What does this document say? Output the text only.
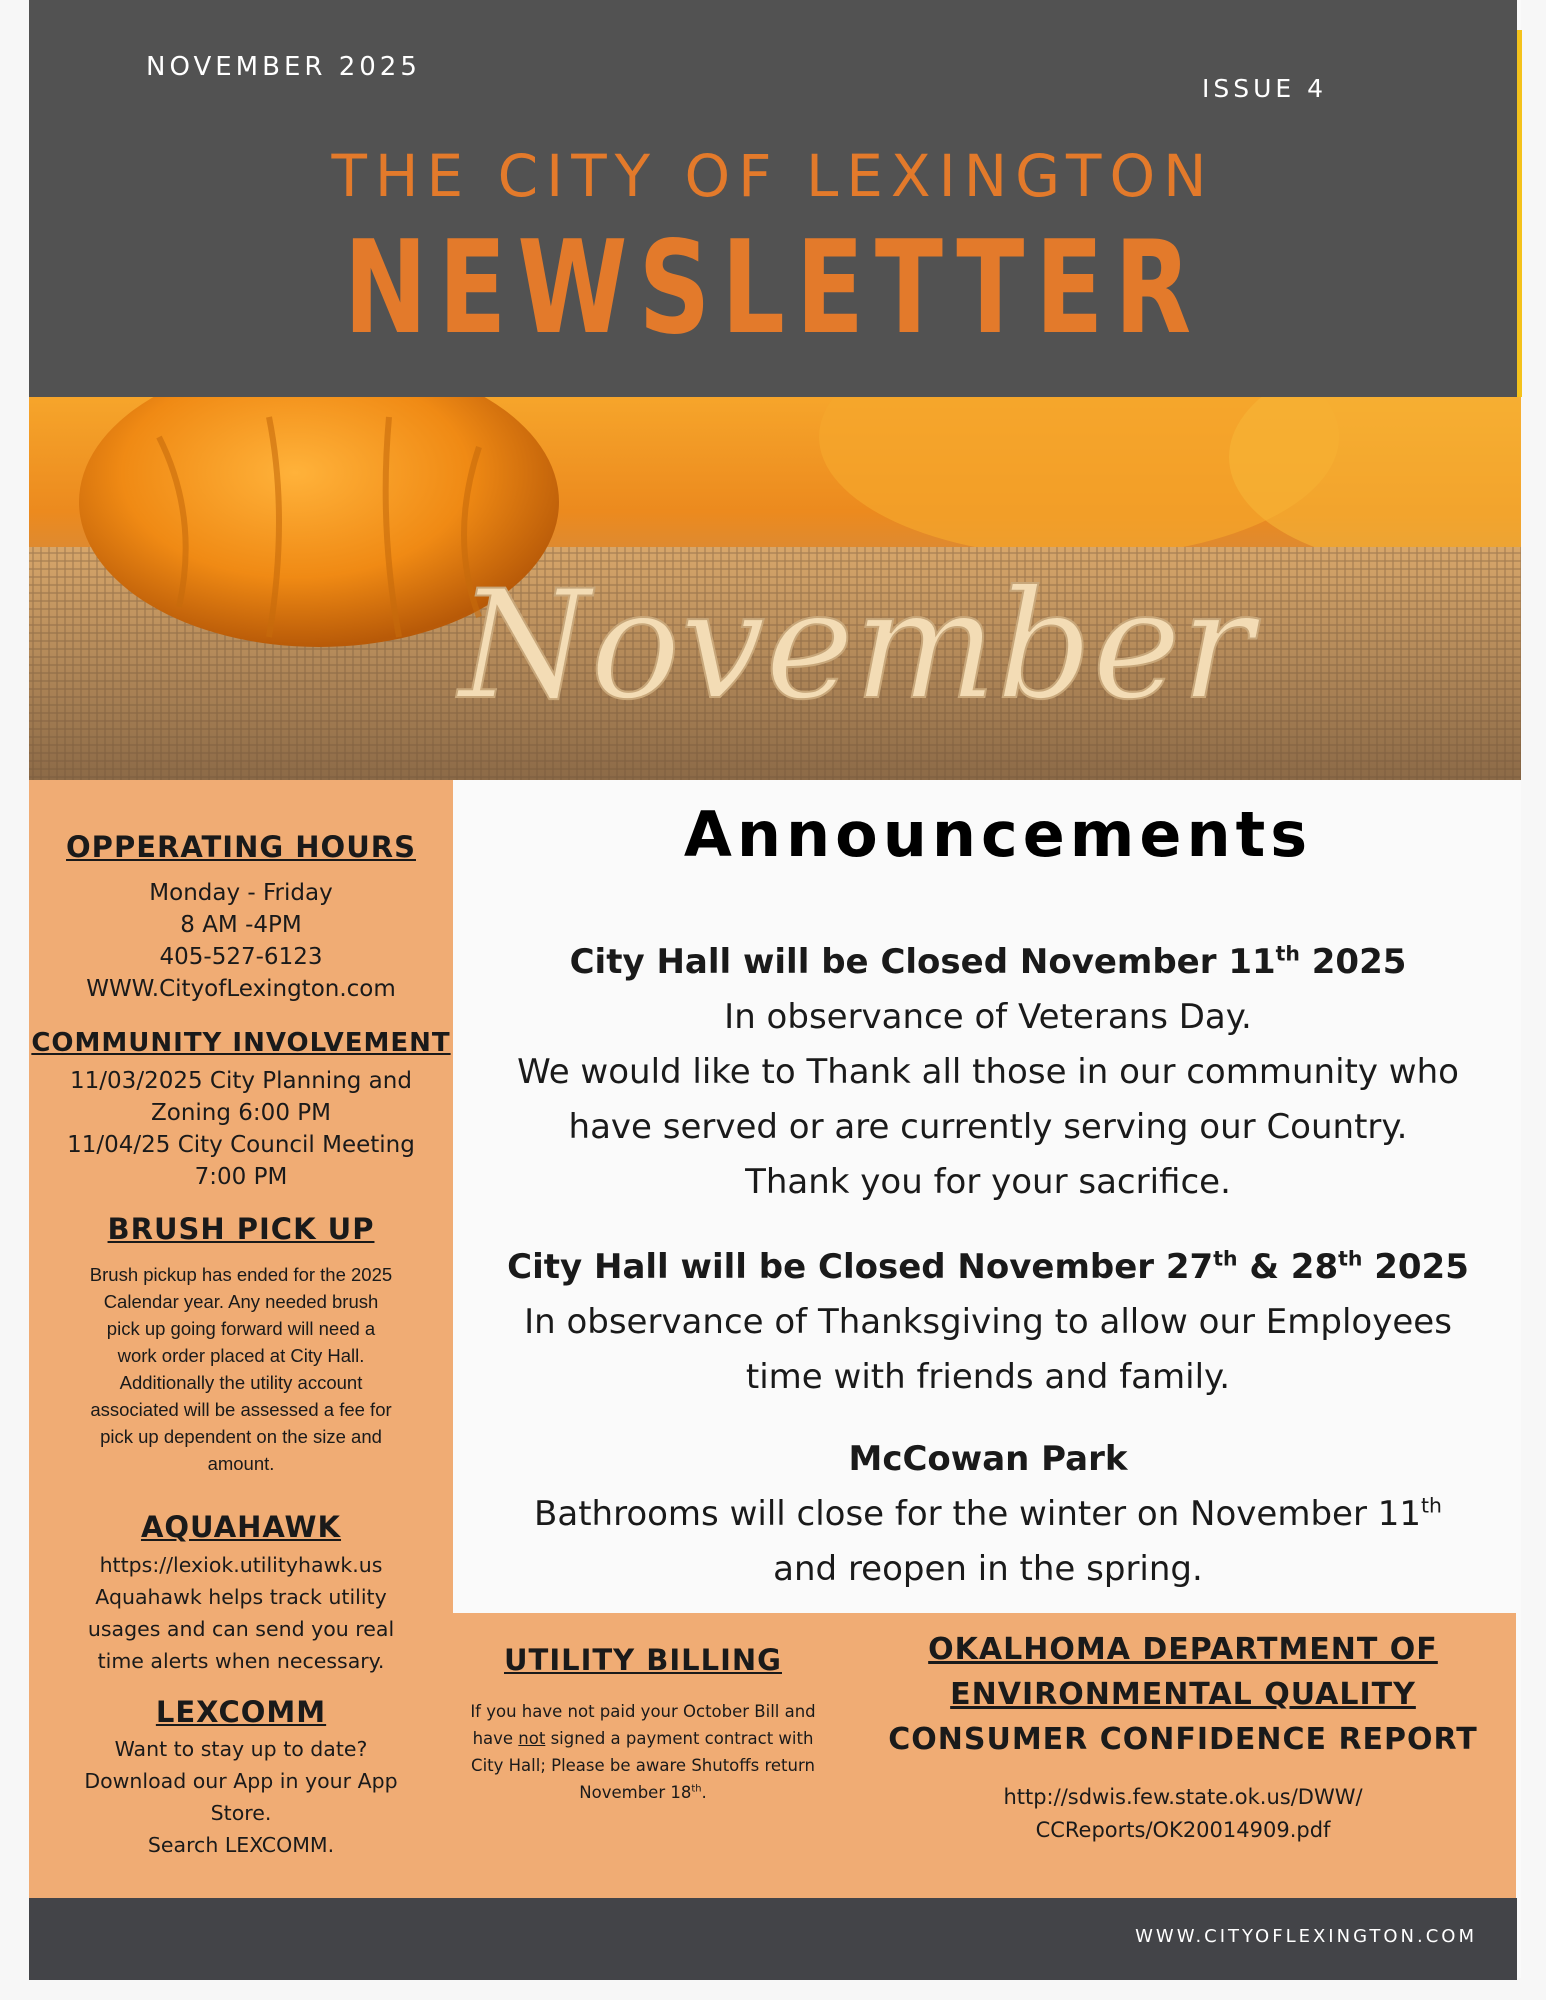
NOVEMBER 2025
ISSUE 4
THE CITY OF LEXINGTON
NEWSLETTER
November
OPPERATING HOURS
Monday - Friday
8 AM -4PM
405-527-6123
WWW.CityofLexington.com
COMMUNITY INVOLVEMENT
11/03/2025 City Planning and
Zoning 6:00 PM
11/04/25 City Council Meeting
7:00 PM
BRUSH PICK UP
Brush pickup has ended for the 2025 Calendar year. Any needed brush pick up going forward will need a work order placed at City Hall. Additionally the utility account associated will be assessed a fee for pick up dependent on the size and amount.
AQUAHAWK
https://lexiok.utilityhawk.us
Aquahawk helps track utility usages and can send you real time alerts when necessary.
LEXCOMM
Want to stay up to date? Download our App in your App Store.
Search LEXCOMM.
Announcements
City Hall will be Closed November 11th 2025

In observance of Veterans Day.

We would like to Thank all those in our community who

have served or are currently serving our Country.

Thank you for your sacrifice.

City Hall will be Closed November 27th & 28th 2025

In observance of Thanksgiving to allow our Employees

time with friends and family.

McCowan Park

Bathrooms will close for the winter on November 11th

and reopen in the spring.

UTILITY BILLING
If you have not paid your October Bill and have not signed a payment contract with City Hall; Please be aware Shutoffs return November 18th.
OKALHOMA DEPARTMENT OF
ENVIRONMENTAL QUALITY
CONSUMER CONFIDENCE REPORT
http://sdwis.few.state.ok.us/DWW/
CCReports/OK20014909.pdf
WWW.CITYOFLEXINGTON.COM
